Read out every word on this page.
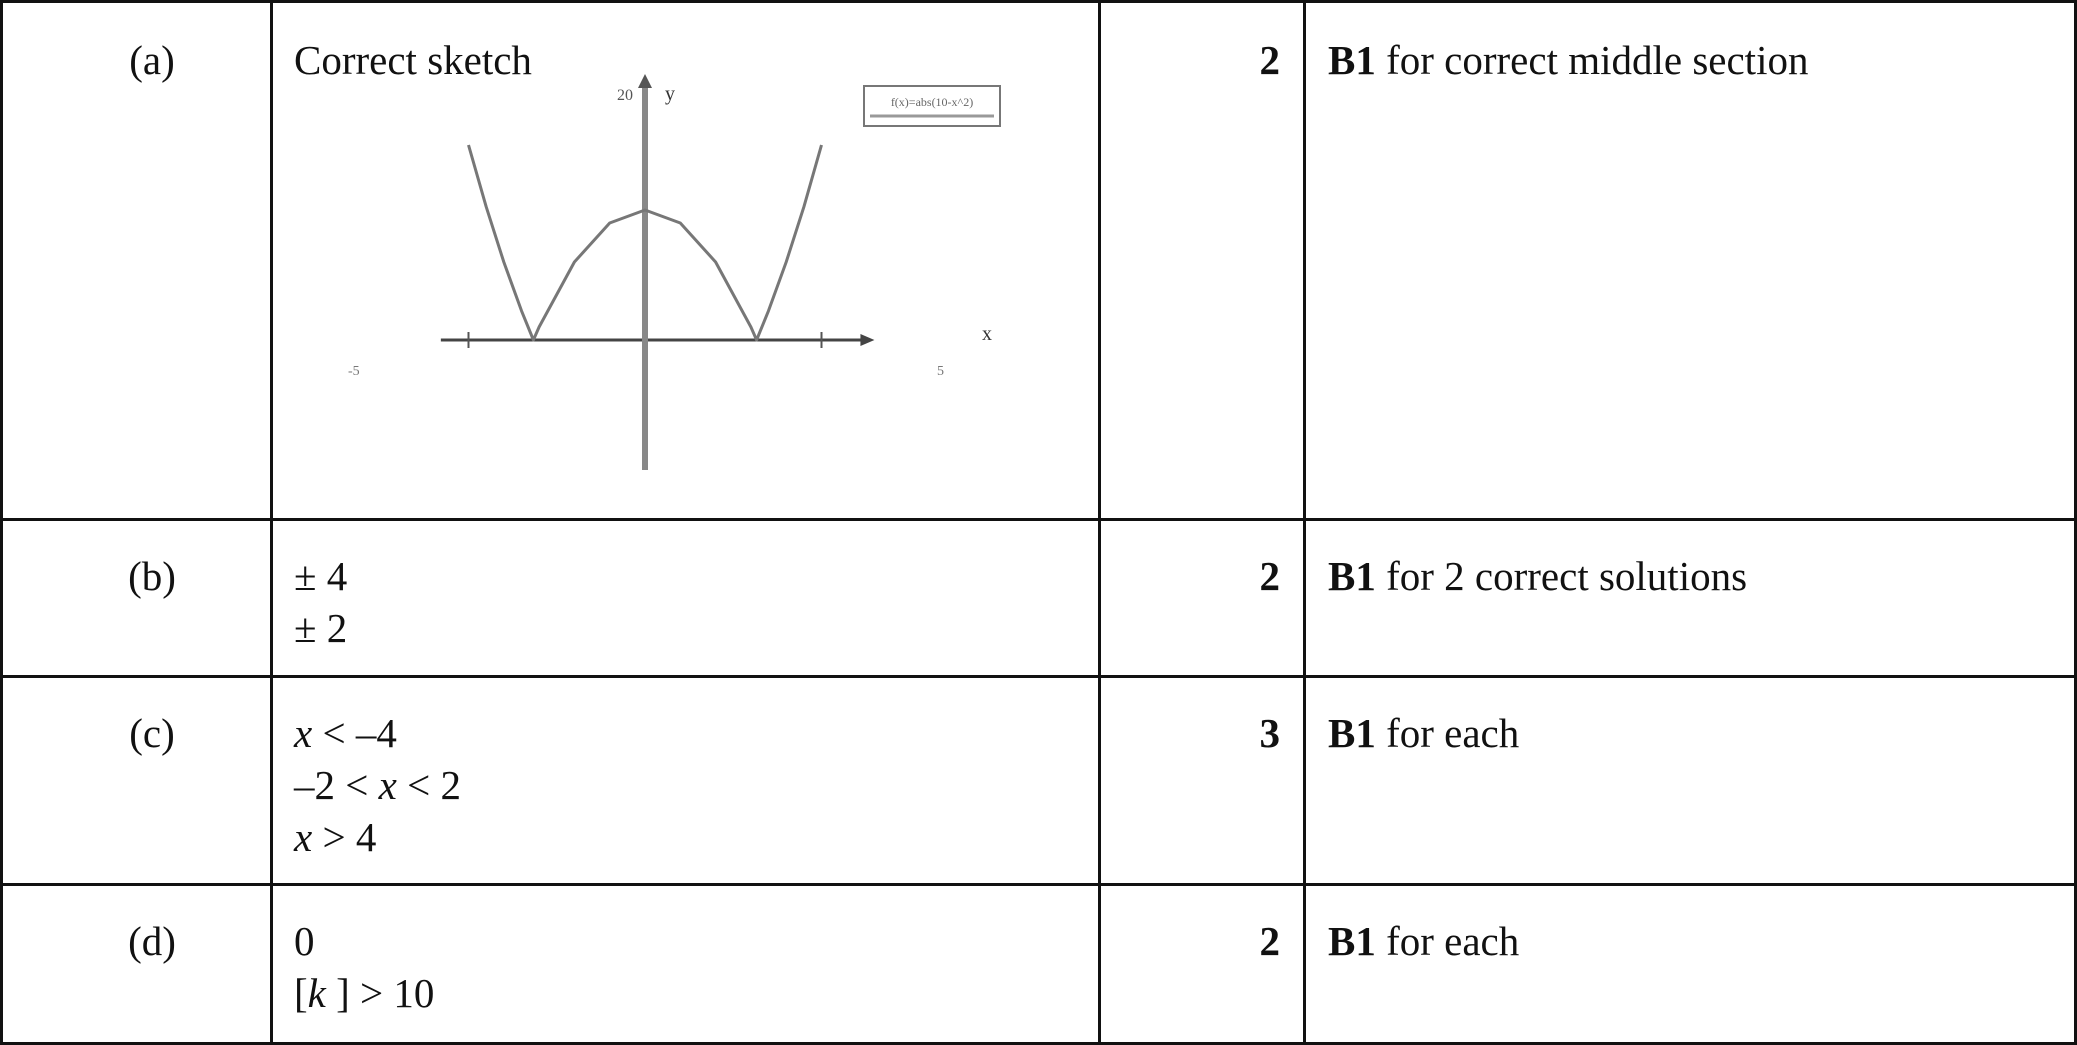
(a)	Correct sketch	2 B1 for correct middle section
y
20
x
-5	5
f(x)=abs(10-x^2)
(b)	± 4
± 2
2 B1 for 2 correct solutions
(c)	x < –4
–2 < x < 2
x > 4
3 B1 for each
(d)	0
[k ] > 10
2 B1 for each
